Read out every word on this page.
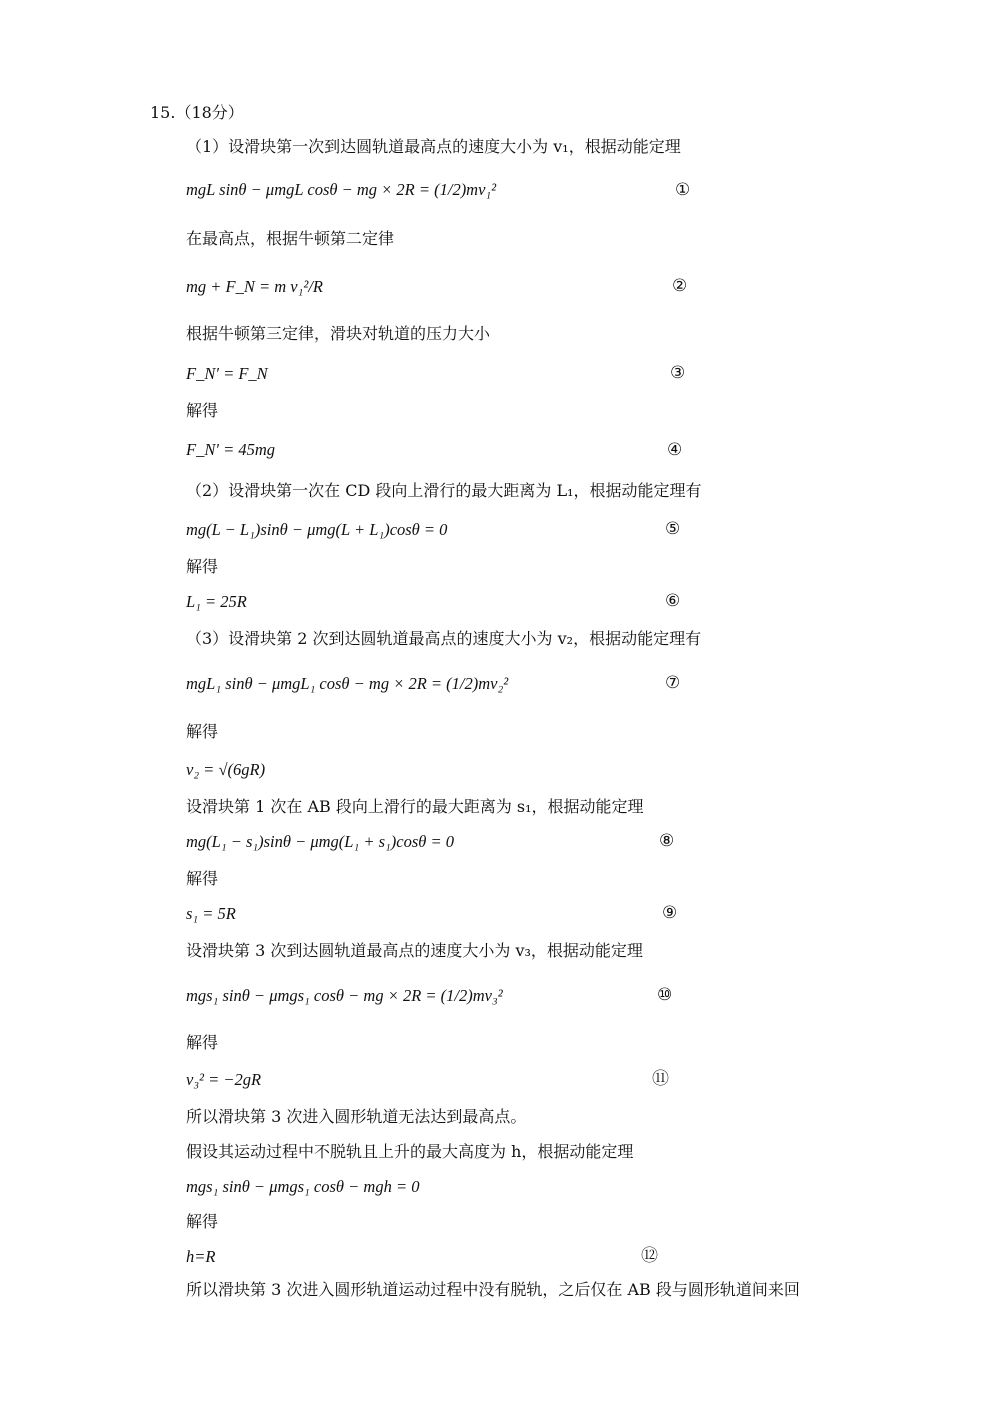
15.（18分）
（1）设滑块第一次到达圆轨道最高点的速度大小为 v₁，根据动能定理
mgL sinθ − μmgL cosθ − mg × 2R = (1/2)mv₁²	①
在最高点，根据牛顿第二定律
mg + F_N = m v₁²/R	②
根据牛顿第三定律，滑块对轨道的压力大小
F_N′ = F_N	③
解得
F_N′ = 45mg	④
（2）设滑块第一次在 CD 段向上滑行的最大距离为 L₁，根据动能定理有
mg(L − L₁)sinθ − μmg(L + L₁)cosθ = 0	⑤
解得
L₁ = 25R	⑥
（3）设滑块第 2 次到达圆轨道最高点的速度大小为 v₂，根据动能定理有
mgL₁ sinθ − μmgL₁ cosθ − mg × 2R = (1/2)mv₂²	⑦
解得
v₂ = √(6gR)
设滑块第 1 次在 AB 段向上滑行的最大距离为 s₁，根据动能定理
mg(L₁ − s₁)sinθ − μmg(L₁ + s₁)cosθ = 0	⑧
解得
s₁ = 5R	⑨
设滑块第 3 次到达圆轨道最高点的速度大小为 v₃，根据动能定理
mgs₁ sinθ − μmgs₁ cosθ − mg × 2R = (1/2)mv₃²	⑩
解得
v₃² = −2gR	⑪
所以滑块第 3 次进入圆形轨道无法达到最高点。
假设其运动过程中不脱轨且上升的最大高度为 h，根据动能定理
mgs₁ sinθ − μmgs₁ cosθ − mgh = 0
解得
h=R	⑫
所以滑块第 3 次进入圆形轨道运动过程中没有脱轨，之后仅在 AB 段与圆形轨道间来回
